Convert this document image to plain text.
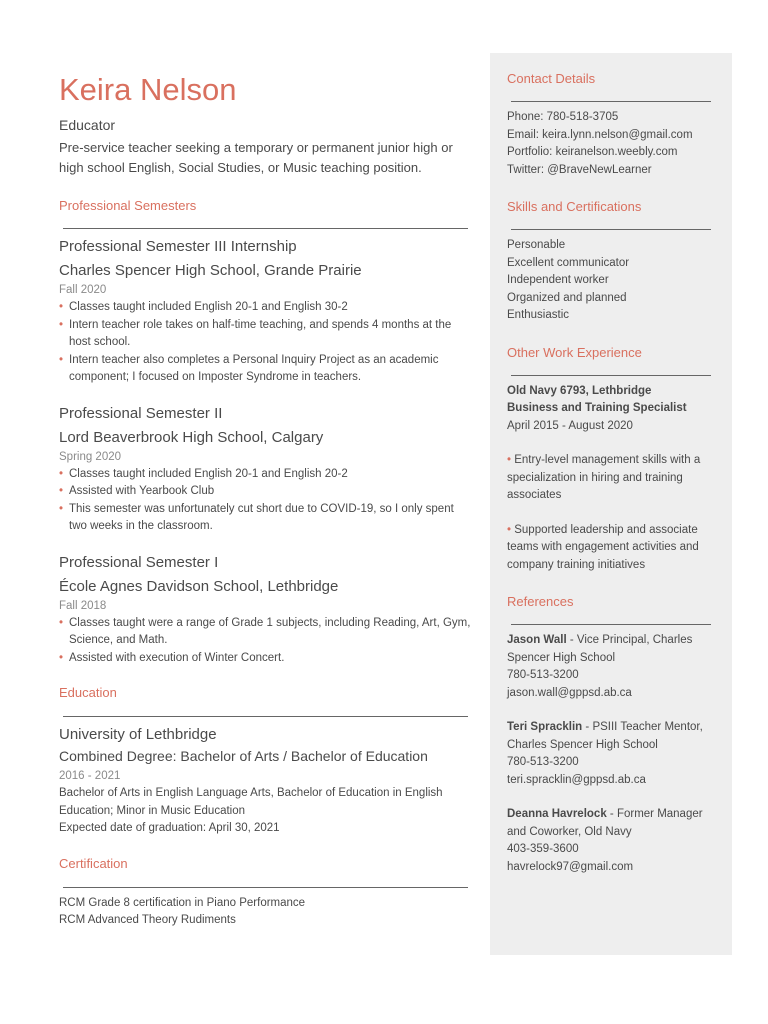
Keira Nelson
Educator
Pre-service teacher seeking a temporary or permanent junior high or high school English, Social Studies, or Music teaching position.
Professional Semesters
Professional Semester III Internship
Charles Spencer High School, Grande Prairie
Fall 2020
• Classes taught included English 20-1 and English 30-2
• Intern teacher role takes on half-time teaching, and spends 4 months at the host school.
• Intern teacher also completes a Personal Inquiry Project as an academic component; I focused on Imposter Syndrome in teachers.
Professional Semester II
Lord Beaverbrook High School, Calgary
Spring 2020
• Classes taught included English 20-1 and English 20-2
• Assisted with Yearbook Club
• This semester was unfortunately cut short due to COVID-19, so I only spent two weeks in the classroom.
Professional Semester I
École Agnes Davidson School, Lethbridge
Fall 2018
• Classes taught were a range of Grade 1 subjects, including Reading, Art, Gym, Science, and Math.
• Assisted with execution of Winter Concert.
Education
University of Lethbridge
Combined Degree: Bachelor of Arts / Bachelor of Education
2016 - 2021
Bachelor of Arts in English Language Arts, Bachelor of Education in English Education; Minor in Music Education
Expected date of graduation: April 30, 2021
Certification
RCM Grade 8 certification in Piano Performance
RCM Advanced Theory Rudiments
Contact Details
Phone: 780-518-3705
Email: keira.lynn.nelson@gmail.com
Portfolio: keiranelson.weebly.com
Twitter: @BraveNewLearner
Skills and Certifications
Personable
Excellent communicator
Independent worker
Organized and planned
Enthusiastic
Other Work Experience
Old Navy 6793, Lethbridge
Business and Training Specialist
April 2015 - August 2020
• Entry-level management skills with a specialization in hiring and training associates
• Supported leadership and associate teams with engagement activities and company training initiatives
References
Jason Wall - Vice Principal, Charles Spencer High School
780-513-3200
jason.wall@gppsd.ab.ca
Teri Spracklin - PSIII Teacher Mentor, Charles Spencer High School
780-513-3200
teri.spracklin@gppsd.ab.ca
Deanna Havrelock - Former Manager and Coworker, Old Navy
403-359-3600
havrelock97@gmail.com
